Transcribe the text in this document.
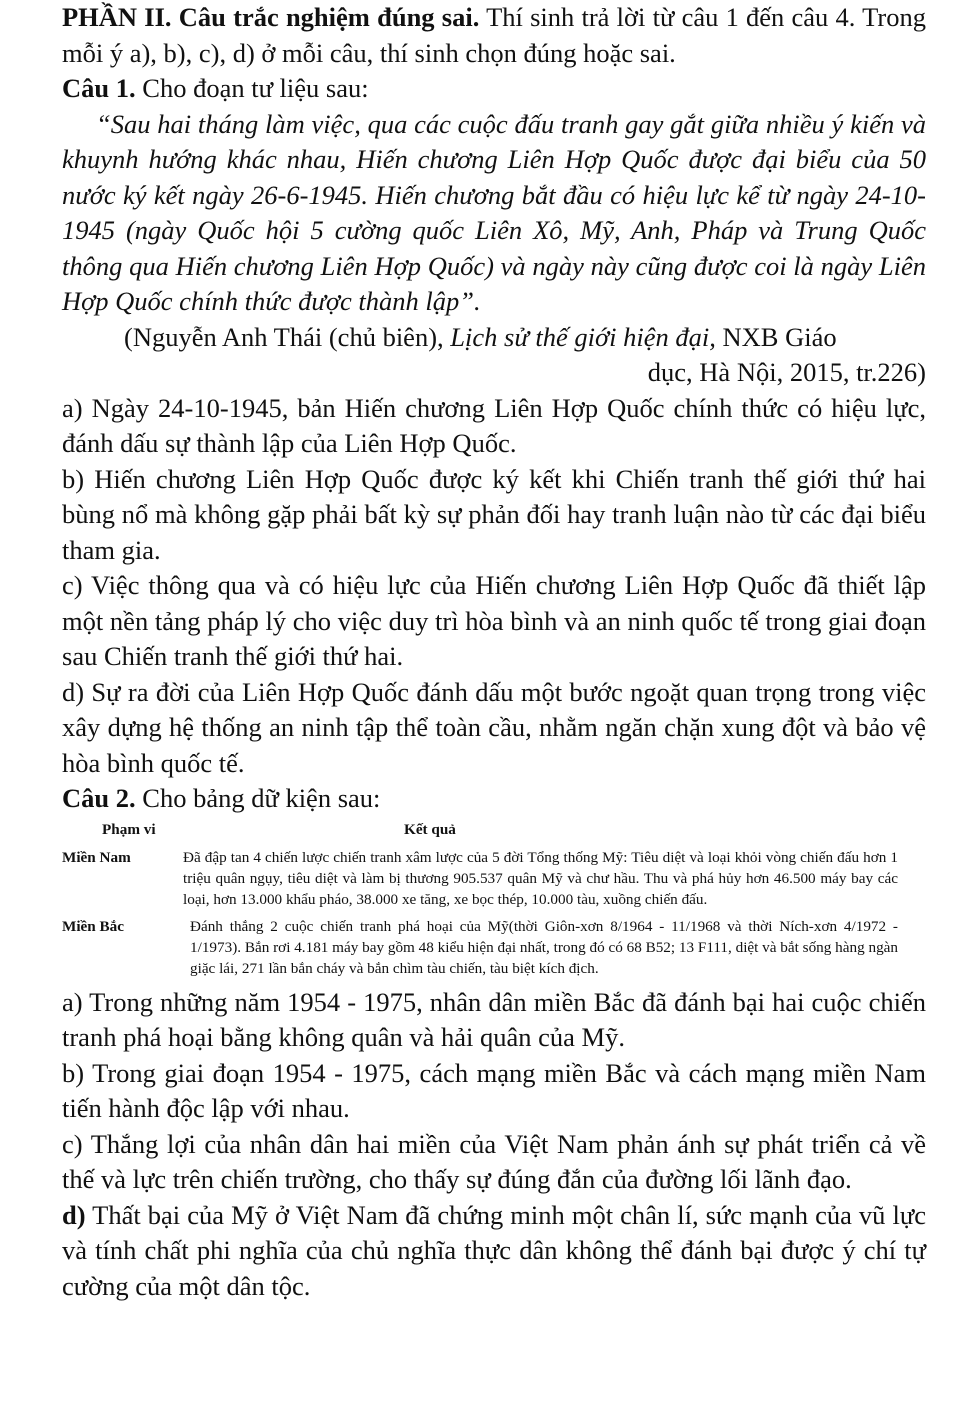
PHẦN II. Câu trắc nghiệm đúng sai. Thí sinh trả lời từ câu 1 đến câu 4. Trong mỗi ý a), b), c), d) ở mỗi câu, thí sinh chọn đúng hoặc sai.

Câu 1. Cho đoạn tư liệu sau:

“Sau hai tháng làm việc, qua các cuộc đấu tranh gay gắt giữa nhiều ý kiến và khuynh hướng khác nhau, Hiến chương Liên Hợp Quốc được đại biểu của 50 nước ký kết ngày 26-6-1945. Hiến chương bắt đầu có hiệu lực kể từ ngày 24-10-1945 (ngày Quốc hội 5 cường quốc Liên Xô, Mỹ, Anh, Pháp và Trung Quốc thông qua Hiến chương Liên Hợp Quốc) và ngày này cũng được coi là ngày Liên Hợp Quốc chính thức được thành lập”.

(Nguyễn Anh Thái (chủ biên), Lịch sử thế giới hiện đại, NXB Giáo

dục, Hà Nội, 2015, tr.226)

a) Ngày 24-10-1945, bản Hiến chương Liên Hợp Quốc chính thức có hiệu lực, đánh dấu sự thành lập của Liên Hợp Quốc.

b) Hiến chương Liên Hợp Quốc được ký kết khi Chiến tranh thế giới thứ hai bùng nổ mà không gặp phải bất kỳ sự phản đối hay tranh luận nào từ các đại biểu tham gia.

c) Việc thông qua và có hiệu lực của Hiến chương Liên Hợp Quốc đã thiết lập một nền tảng pháp lý cho việc duy trì hòa bình và an ninh quốc tế trong giai đoạn sau Chiến tranh thế giới thứ hai.

d) Sự ra đời của Liên Hợp Quốc đánh dấu một bước ngoặt quan trọng trong việc xây dựng hệ thống an ninh tập thể toàn cầu, nhằm ngăn chặn xung đột và bảo vệ hòa bình quốc tế.

Câu 2. Cho bảng dữ kiện sau:

Phạm vi	Kết quả
Miền Nam	Đã đập tan 4 chiến lược chiến tranh xâm lược của 5 đời Tổng thống Mỹ: Tiêu diệt và loại khỏi vòng chiến đấu hơn 1 triệu quân ngụy, tiêu diệt và làm bị thương 905.537 quân Mỹ và chư hầu. Thu và phá hủy hơn 46.500 máy bay các loại, hơn 13.000 khẩu pháo, 38.000 xe tăng, xe bọc thép, 10.000 tàu, xuồng chiến đấu.
Miền Bắc	Đánh thắng 2 cuộc chiến tranh phá hoại của Mỹ(thời Giôn-xơn 8/1964 - 11/1968 và thời Ních-xơn 4/1972 - 1/1973). Bắn rơi 4.181 máy bay gồm 48 kiểu hiện đại nhất, trong đó có 68 B52; 13 F111, diệt và bắt sống hàng ngàn giặc lái, 271 lần bắn cháy và bắn chìm tàu chiến, tàu biệt kích địch.

a) Trong những năm 1954 - 1975, nhân dân miền Bắc đã đánh bại hai cuộc chiến tranh phá hoại bằng không quân và hải quân của Mỹ.

b) Trong giai đoạn 1954 - 1975, cách mạng miền Bắc và cách mạng miền Nam tiến hành độc lập với nhau.

c) Thắng lợi của nhân dân hai miền của Việt Nam phản ánh sự phát triển cả về thế và lực trên chiến trường, cho thấy sự đúng đắn của đường lối lãnh đạo.

d) Thất bại của Mỹ ở Việt Nam đã chứng minh một chân lí, sức mạnh của vũ lực và tính chất phi nghĩa của chủ nghĩa thực dân không thể đánh bại được ý chí tự cường của một dân tộc.
